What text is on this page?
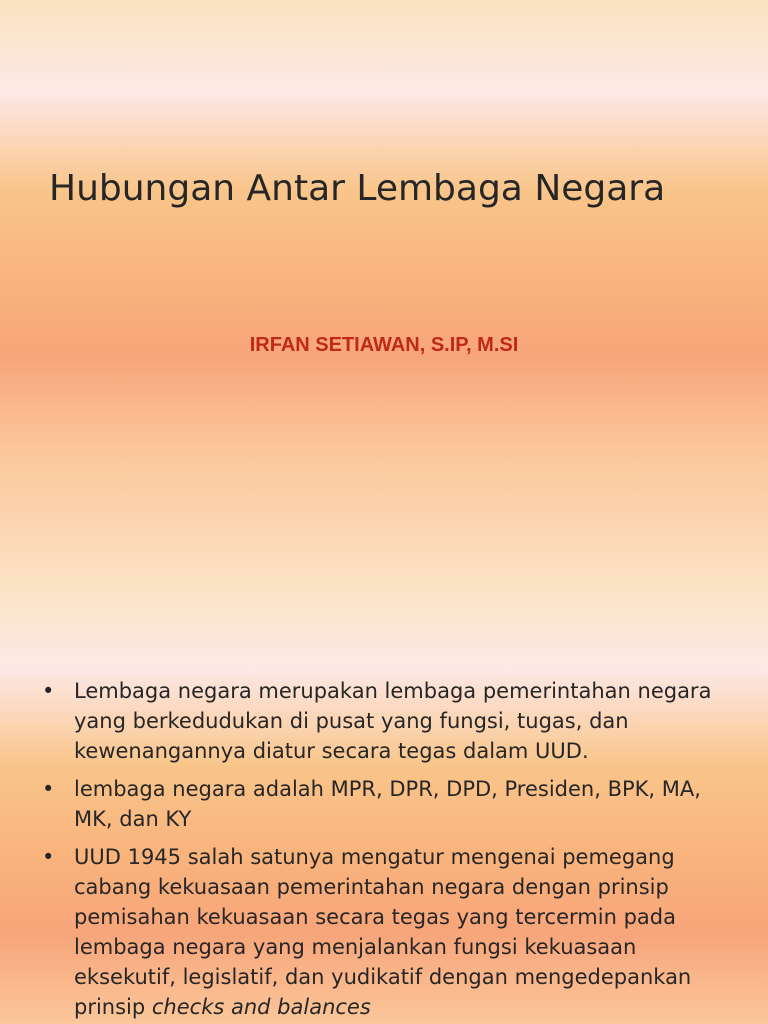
Hubungan Antar Lembaga Negara

IRFAN SETIAWAN, S.IP, M.SI

• Lembaga negara merupakan lembaga pemerintahan negara yang berkedudukan di pusat yang fungsi, tugas, dan kewenangannya diatur secara tegas dalam UUD.
• lembaga negara adalah MPR, DPR, DPD, Presiden, BPK, MA, MK, dan KY
• UUD 1945 salah satunya mengatur mengenai pemegang cabang kekuasaan pemerintahan negara dengan prinsip pemisahan kekuasaan secara tegas yang tercermin pada lembaga negara yang menjalankan fungsi kekuasaan eksekutif, legislatif, dan yudikatif dengan mengedepankan prinsip checks and balances
